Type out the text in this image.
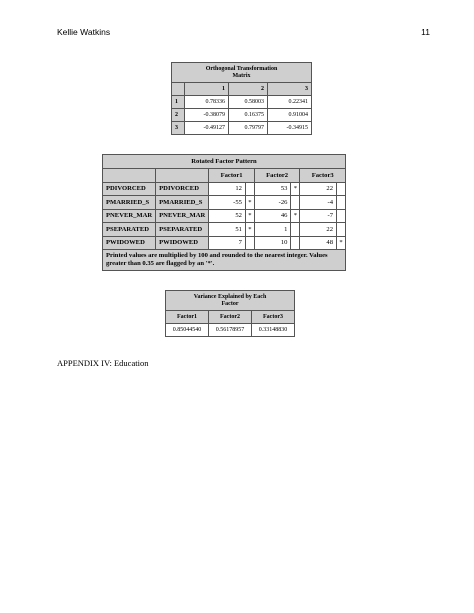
Kellie Watkins	11
Orthogonal Transformation
Matrix			
	1	2	3
1	0.78336	0.58003	0.22341
2	-0.38079	0.16375	0.91004
3	-0.49127	0.79797	-0.34915
Rotated Factor Pattern							
		Factor1		Factor2		Factor3	
PDIVORCED	PDIVORCED	12		53	*	22	
PMARRIED_S	PMARRIED_S	-55	*	-26		-4	
PNEVER_MAR	PNEVER_MAR	52	*	46	*	-7	
PSEPARATED	PSEPARATED	51	*	1		22	
PWIDOWED	PWIDOWED	7		10		48	*
Printed values are multiplied by 100 and rounded to the nearest integer. Values greater than 0.35 are flagged by an '*'.							
Variance Explained by Each
Factor		
Factor1	Factor2	Factor3
0.85044540	0.56178957	0.33148830
APPENDIX IV: Education
